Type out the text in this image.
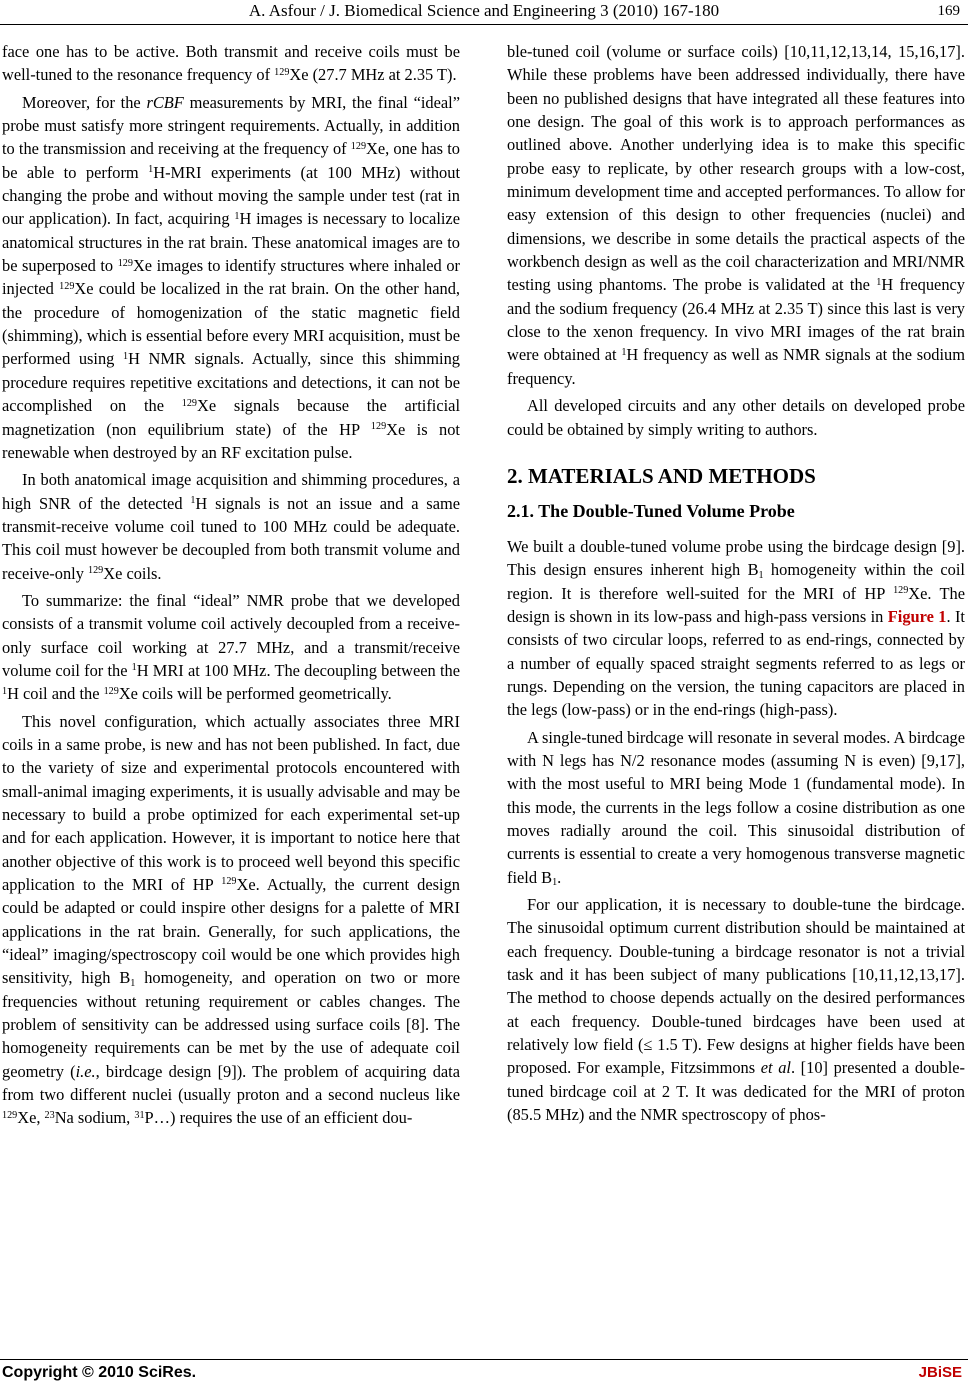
A. Asfour / J. Biomedical Science and Engineering 3 (2010) 167-180	169

face one has to be active. Both transmit and receive coils must be well-tuned to the resonance frequency of $^{129}$Xe (27.7 MHz at 2.35 T).

Moreover, for the rCBF measurements by MRI, the final “ideal” probe must satisfy more stringent requirements. Actually, in addition to the transmission and receiving at the frequency of $^{129}$Xe, one has to be able to perform $^1$H-MRI experiments (at 100 MHz) without changing the probe and without moving the sample under test (rat in our application). In fact, acquiring $^1$H images is necessary to localize anatomical structures in the rat brain. These anatomical images are to be superposed to $^{129}$Xe images to identify structures where inhaled or injected $^{129}$Xe could be localized in the rat brain. On the other hand, the procedure of homogenization of the static magnetic field (shimming), which is essential before every MRI acquisition, must be performed using $^1$H NMR signals. Actually, since this shimming procedure requires repetitive excitations and detections, it can not be accomplished on the $^{129}$Xe signals because the artificial magnetization (non equilibrium state) of the HP $^{129}$Xe is not renewable when destroyed by an RF excitation pulse.

In both anatomical image acquisition and shimming procedures, a high SNR of the detected $^1$H signals is not an issue and a same transmit-receive volume coil tuned to 100 MHz could be adequate. This coil must however be decoupled from both transmit volume and receive-only $^{129}$Xe coils.

To summarize: the final “ideal” NMR probe that we developed consists of a transmit volume coil actively decoupled from a receive-only surface coil working at 27.7 MHz, and a transmit/receive volume coil for the $^1$H MRI at 100 MHz. The decoupling between the $^1$H coil and the $^{129}$Xe coils will be performed geometrically.

This novel configuration, which actually associates three MRI coils in a same probe, is new and has not been published. In fact, due to the variety of size and experimental protocols encountered with small-animal imaging experiments, it is usually advisable and may be necessary to build a probe optimized for each experimental set-up and for each application. However, it is important to notice here that another objective of this work is to proceed well beyond this specific application to the MRI of HP $^{129}$Xe. Actually, the current design could be adapted or could inspire other designs for a palette of MRI applications in the rat brain. Generally, for such applications, the “ideal” imaging/spectroscopy coil would be one which provides high sensitivity, high $B_1$ homogeneity, and operation on two or more frequencies without retuning requirement or cables changes. The problem of sensitivity can be addressed using surface coils [8]. The homogeneity requirements can be met by the use of adequate coil geometry (i.e., birdcage design [9]). The problem of acquiring data from two different nuclei (usually proton and a second nucleus like $^{129}$Xe, $^{23}$Na sodium, $^{31}$P…) requires the use of an efficient dou-

ble-tuned coil (volume or surface coils) [10,11,12,13,14, 15,16,17]. While these problems have been addressed individually, there have been no published designs that have integrated all these features into one design. The goal of this work is to approach performances as outlined above. Another underlying idea is to make this specific probe easy to replicate, by other research groups with a low-cost, minimum development time and accepted performances. To allow for easy extension of this design to other frequencies (nuclei) and dimensions, we describe in some details the practical aspects of the workbench design as well as the coil characterization and MRI/NMR testing using phantoms. The probe is validated at the $^1$H frequency and the sodium frequency (26.4 MHz at 2.35 T) since this last is very close to the xenon frequency. In vivo MRI images of the rat brain were obtained at $^1$H frequency as well as NMR signals at the sodium frequency.

All developed circuits and any other details on developed probe could be obtained by simply writing to authors.

2. MATERIALS AND METHODS
2.1. The Double-Tuned Volume Probe

We built a double-tuned volume probe using the birdcage design [9]. This design ensures inherent high $B_1$ homogeneity within the coil region. It is therefore well-suited for the MRI of HP $^{129}$Xe. The design is shown in its low-pass and high-pass versions in Figure 1. It consists of two circular loops, referred to as end-rings, connected by a number of equally spaced straight segments referred to as legs or rungs. Depending on the version, the tuning capacitors are placed in the legs (low-pass) or in the end-rings (high-pass).

A single-tuned birdcage will resonate in several modes. A birdcage with N legs has N/2 resonance modes (assuming N is even) [9,17], with the most useful to MRI being Mode 1 (fundamental mode). In this mode, the currents in the legs follow a cosine distribution as one moves radially around the coil. This sinusoidal distribution of currents is essential to create a very homogenous transverse magnetic field $B_1$.

For our application, it is necessary to double-tune the birdcage. The sinusoidal optimum current distribution should be maintained at each frequency. Double-tuning a birdcage resonator is not a trivial task and it has been subject of many publications [10,11,12,13,17]. The method to choose depends actually on the desired performances at each frequency. Double-tuned birdcages have been used at relatively low field (≤ 1.5 T). Few designs at higher fields have been proposed. For example, Fitzsimmons et al. [10] presented a double-tuned birdcage coil at 2 T. It was dedicated for the MRI of proton (85.5 MHz) and the NMR spectroscopy of phos-

Copyright © 2010 SciRes.	JBiSE
